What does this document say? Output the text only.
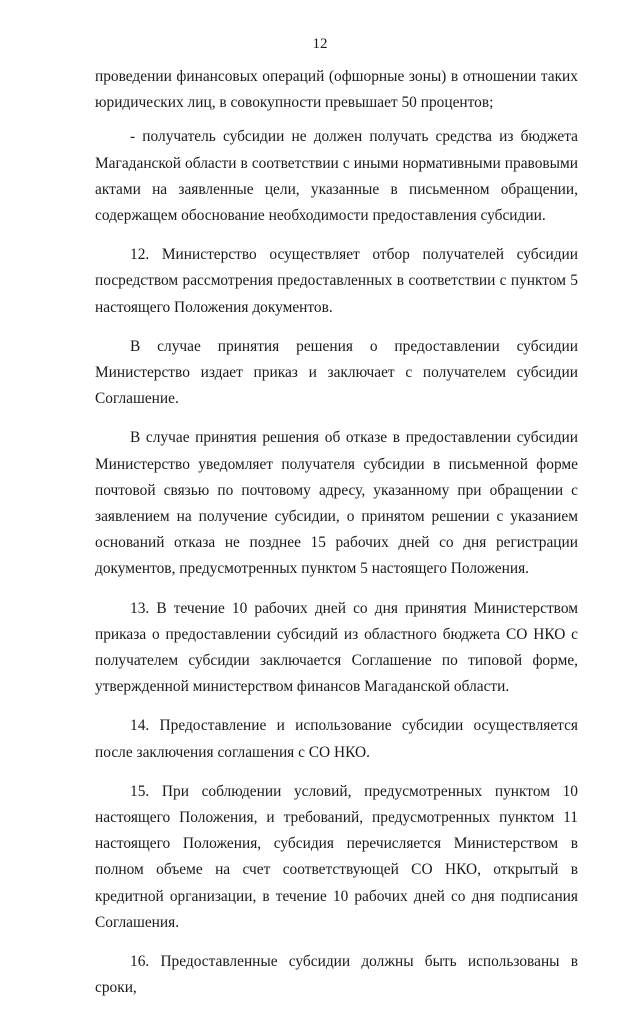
12

проведении финансовых операций (офшорные зоны) в отношении таких юридических лиц, в совокупности превышает 50 процентов;

- получатель субсидии не должен получать средства из бюджета Магаданской области в соответствии с иными нормативными правовыми актами на заявленные цели, указанные в письменном обращении, содержащем обоснование необходимости предоставления субсидии.

12. Министерство осуществляет отбор получателей субсидии посредством рассмотрения предоставленных в соответствии с пунктом 5 настоящего Положения документов.

В случае принятия решения о предоставлении субсидии Министерство издает приказ и заключает с получателем субсидии Соглашение.

В случае принятия решения об отказе в предоставлении субсидии Министерство уведомляет получателя субсидии в письменной форме почтовой связью по почтовому адресу, указанному при обращении с заявлением на получение субсидии, о принятом решении с указанием оснований отказа не позднее 15 рабочих дней со дня регистрации документов, предусмотренных пунктом 5 настоящего Положения.

13. В течение 10 рабочих дней со дня принятия Министерством приказа о предоставлении субсидий из областного бюджета СО НКО с получателем субсидии заключается Соглашение по типовой форме, утвержденной министерством финансов Магаданской области.

14. Предоставление и использование субсидии осуществляется после заключения соглашения с СО НКО.

15. При соблюдении условий, предусмотренных пунктом 10 настоящего Положения, и требований, предусмотренных пунктом 11 настоящего Положения, субсидия перечисляется Министерством в полном объеме на счет соответствующей СО НКО, открытый в кредитной организации, в течение 10 рабочих дней со дня подписания Соглашения.

16. Предоставленные субсидии должны быть использованы в сроки,
